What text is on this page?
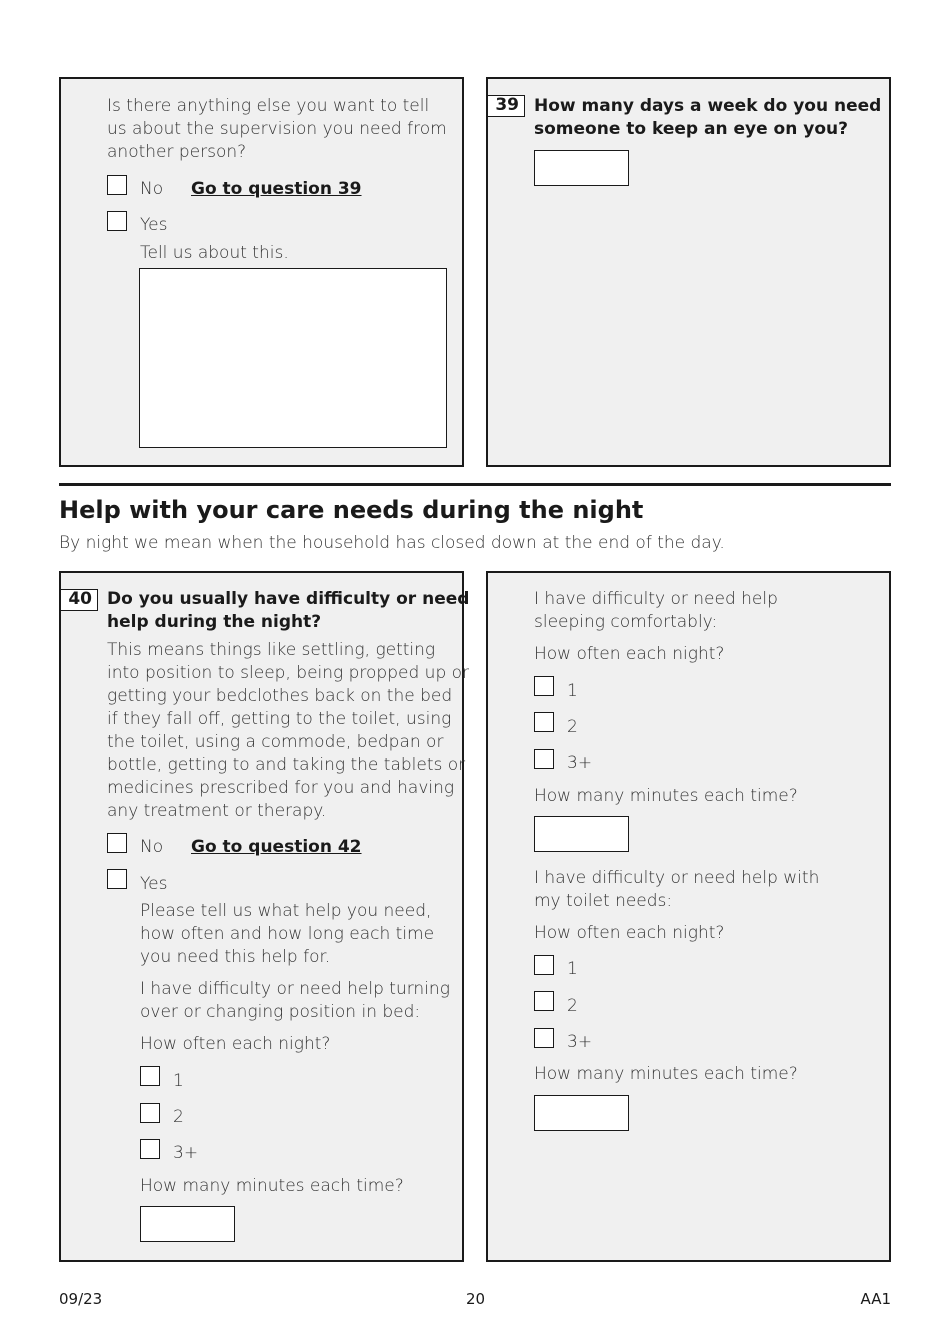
Is there anything else you want to tell

us about the supervision you need from

another person?

No Go to question 39

Yes

Tell us about this.

39 How many days a week do you need

someone to keep an eye on you?

Help with your care needs during the night

By night we mean when the household has closed down at the end of the day.

40 Do you usually have difficulty or need

help during the night?

This means things like settling, getting

into position to sleep, being propped up or

getting your bedclothes back on the bed

if they fall off, getting to the toilet, using

the toilet, using a commode, bedpan or

bottle, getting to and taking the tablets or

medicines prescribed for you and having

any treatment or therapy.

No Go to question 42

Yes

Please tell us what help you need,

how often and how long each time

you need this help for.

I have difficulty or need help turning

over or changing position in bed:

How often each night?

1

2

3+

How many minutes each time?

I have difficulty or need help

sleeping comfortably:

How often each night?

1

2

3+

How many minutes each time?

I have difficulty or need help with

my toilet needs:

How often each night?

1

2

3+

How many minutes each time?

09/23	20	AA1
